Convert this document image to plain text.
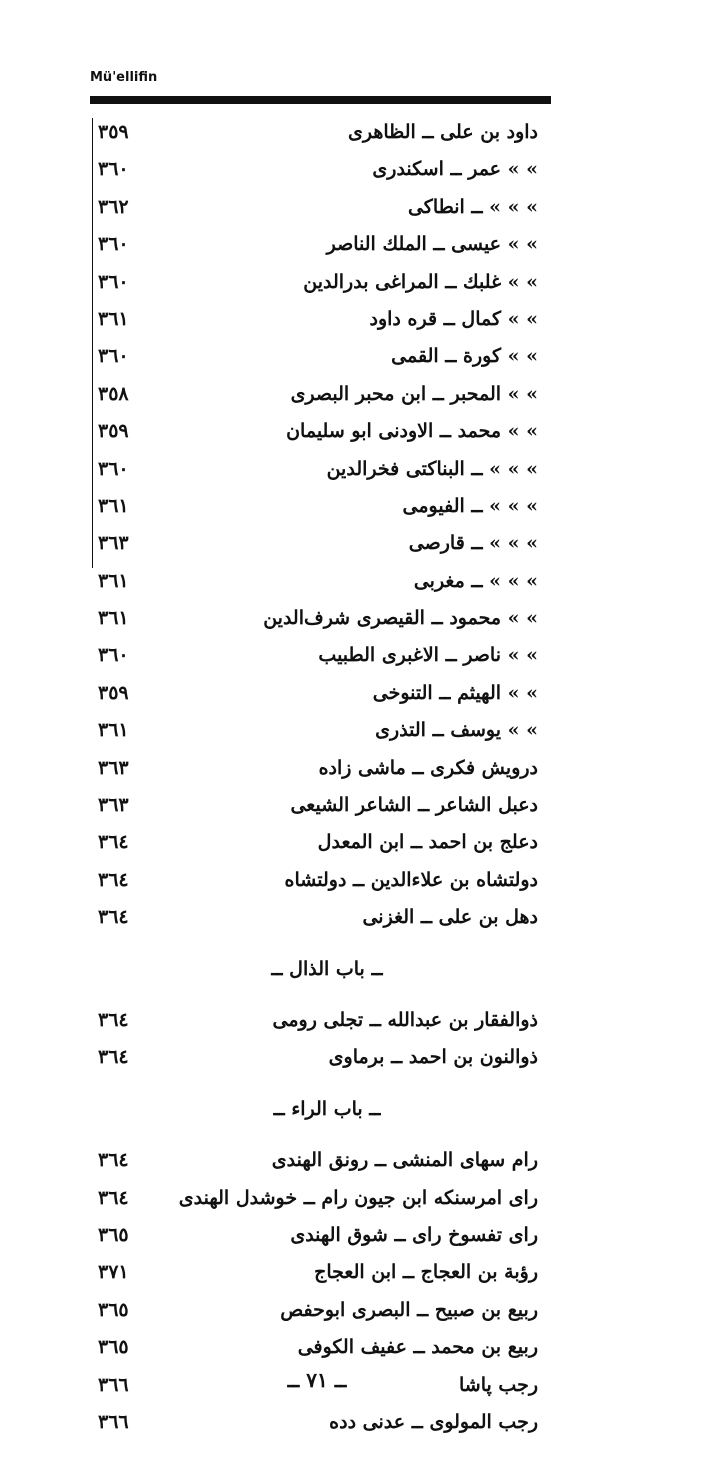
Mü'ellifin
داود بن علی ــ الظاهری
٣٥٩
» » عمر ــ اسکندری
٣٦٠
» » » ــ انطاکی
٣٦٢
» » عیسی ــ الملك الناصر
٣٦٠
» » غلبك ــ المراغی بدرالدین
٣٦٠
» » کمال ــ قره داود
٣٦١
» » کورة ــ القمی
٣٦٠
» » المحبر ــ ابن محبر البصری
٣٥٨
» » محمد ــ الاودنی ابو سلیمان
٣٥٩
» » » ــ البناکتی فخرالدین
٣٦٠
» » » ــ الفیومی
٣٦١
» » » ــ قارصی
٣٦٣
» » » ــ مغربی
٣٦١
» » محمود ــ القیصری شرف‌الدین
٣٦١
» » ناصر ــ الاغبری الطبیب
٣٦٠
» » الهیثم ــ التنوخی
٣٥٩
» » یوسف ــ التذری
٣٦١
درویش فکری ــ ماشی زاده
٣٦٣
دعبل الشاعر ــ الشاعر الشیعی
٣٦٣
دعلج بن احمد ــ ابن المعدل
٣٦٤
دولتشاه بن علاءالدین ــ دولتشاه
٣٦٤
دهل بن علی ــ الغزنی
٣٦٤
ــ باب الذال ــ
ذوالفقار بن عبدالله ــ تجلی رومی
٣٦٤
ذوالنون بن احمد ــ برماوی
٣٦٤
ــ باب الراء ــ
رام سهای المنشی ــ رونق الهندی
٣٦٤
رای امرسنکه ابن جیون رام ــ خوشدل الهندی
٣٦٤
رای تفسوخ رای ــ شوق الهندی
٣٦٥
رؤبة بن العجاج ــ ابن العجاج
٣٧١
ربیع بن صبیح ــ البصری ابوحفص
٣٦٥
ربیع بن محمد ــ عفیف الکوفی
٣٦٥
رجب پاشا
٣٦٦
رجب المولوی ــ عدنی دده
٣٦٦
ــ ٧١ ــ
